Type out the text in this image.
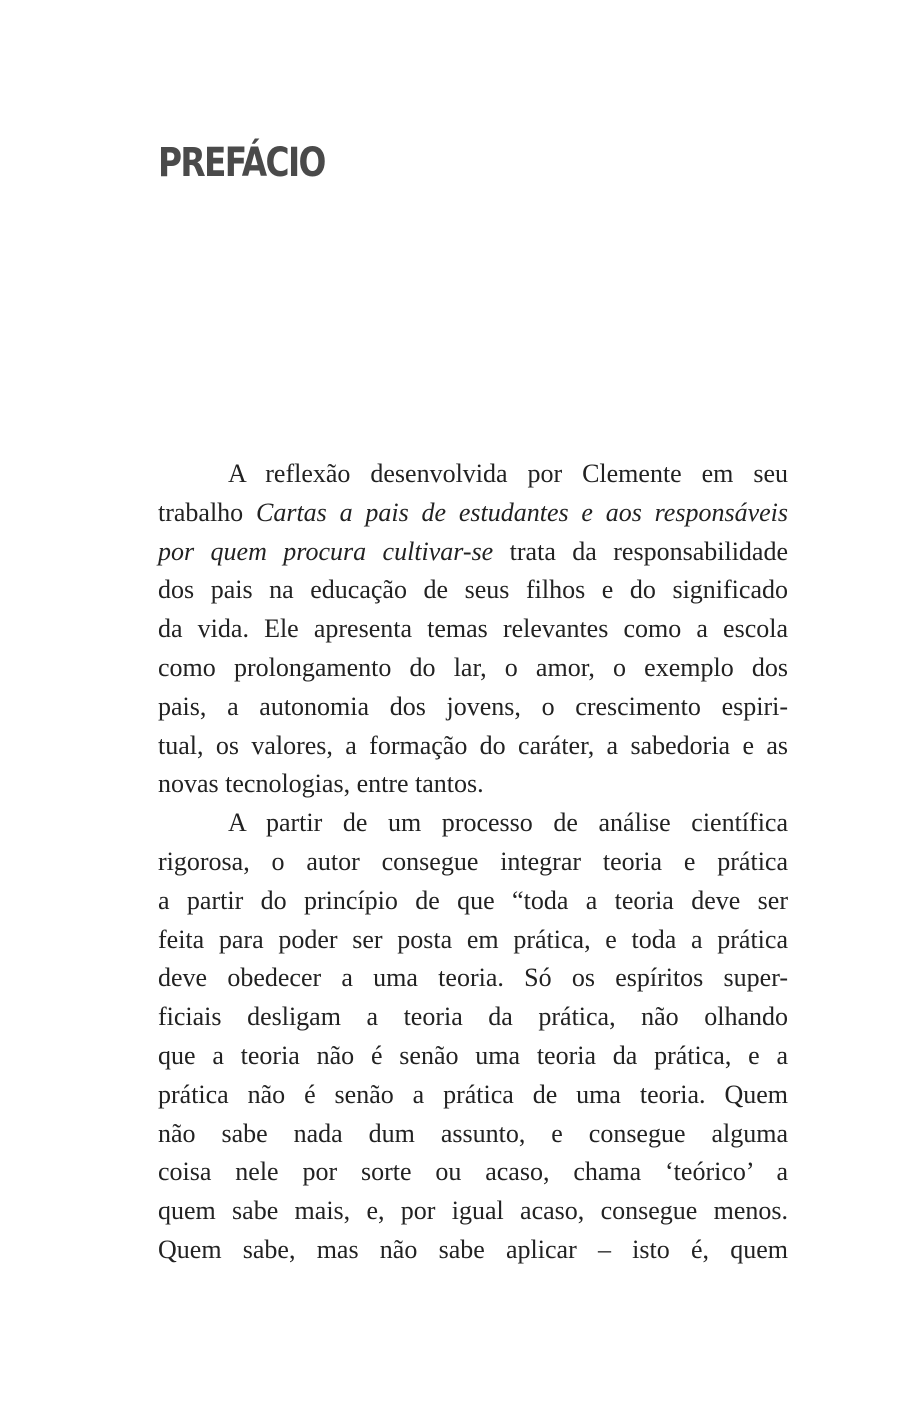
PREFÁCIO

A reflexão desenvolvida por Clemente em seu
trabalho Cartas a pais de estudantes e aos responsáveis
por quem procura cultivar-se trata da responsabilidade
dos pais na educação de seus filhos e do significado
da vida. Ele apresenta temas relevantes como a escola
como prolongamento do lar, o amor, o exemplo dos
pais, a autonomia dos jovens, o crescimento espiri-
tual, os valores, a formação do caráter, a sabedoria e as
novas tecnologias, entre tantos.

A partir de um processo de análise científica
rigorosa, o autor consegue integrar teoria e prática
a partir do princípio de que “toda a teoria deve ser
feita para poder ser posta em prática, e toda a prática
deve obedecer a uma teoria. Só os espíritos super-
ficiais desligam a teoria da prática, não olhando
que a teoria não é senão uma teoria da prática, e a
prática não é senão a prática de uma teoria. Quem
não sabe nada dum assunto, e consegue alguma
coisa nele por sorte ou acaso, chama ‘teórico’ a
quem sabe mais, e, por igual acaso, consegue menos.
Quem sabe, mas não sabe aplicar – isto é, quem
